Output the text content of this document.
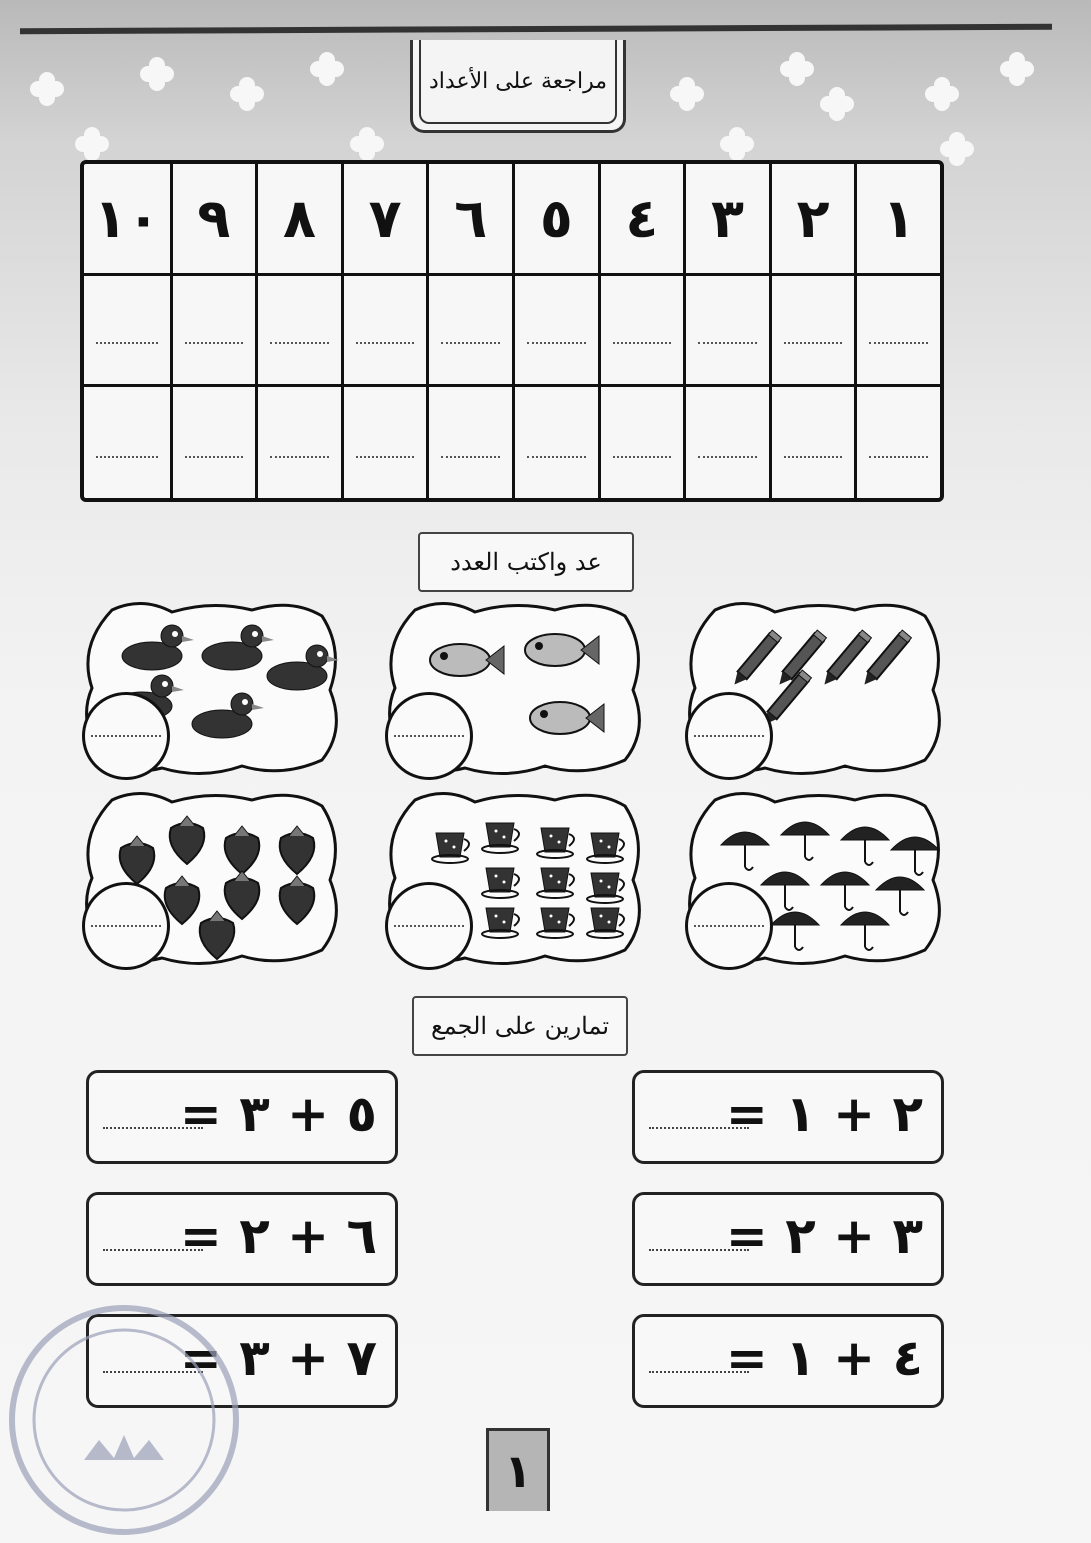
مراجعة على الأعداد
١
٢
٣
٤
٥
٦
٧
٨
٩
١٠
عد واكتب العدد
تمارين على الجمع
٢ + ١ =
٥ + ٣ =
٣ + ٢ =
٦ + ٢ =
٤ + ١ =
٧ + ٣ =
١
